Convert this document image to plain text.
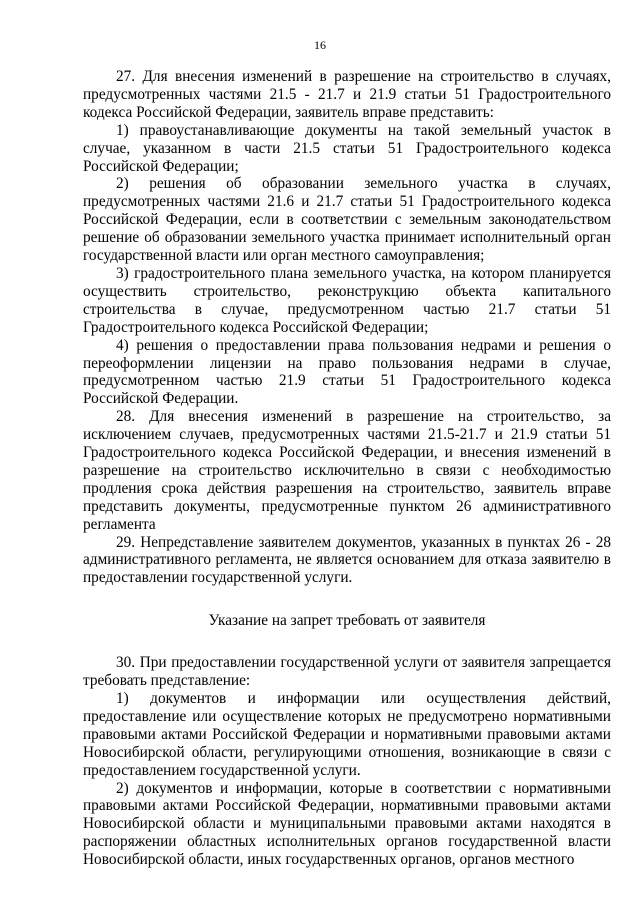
16

27. Для внесения изменений в разрешение на строительство в случаях, предусмотренных частями 21.5 - 21.7 и 21.9 статьи 51 Градостроительного кодекса Российской Федерации, заявитель вправе представить:

1) правоустанавливающие документы на такой земельный участок в случае, указанном в части 21.5 статьи 51 Градостроительного кодекса Российской Федерации;

2) решения об образовании земельного участка в случаях, предусмотренных частями 21.6 и 21.7 статьи 51 Градостроительного кодекса Российской Федерации, если в соответствии с земельным законодательством решение об образовании земельного участка принимает исполнительный орган государственной власти или орган местного самоуправления;

3) градостроительного плана земельного участка, на котором планируется осуществить строительство, реконструкцию объекта капитального строительства в случае, предусмотренном частью 21.7 статьи 51 Градостроительного кодекса Российской Федерации;

4) решения о предоставлении права пользования недрами и решения о переоформлении лицензии на право пользования недрами в случае, предусмотренном частью 21.9 статьи 51 Градостроительного кодекса Российской Федерации.

28. Для внесения изменений в разрешение на строительство, за исключением случаев, предусмотренных частями 21.5-21.7 и 21.9 статьи 51 Градостроительного кодекса Российской Федерации, и внесения изменений в разрешение на строительство исключительно в связи с необходимостью продления срока действия разрешения на строительство, заявитель вправе представить документы, предусмотренные пунктом 26 административного регламента

29. Непредставление заявителем документов, указанных в пунктах 26 - 28 административного регламента, не является основанием для отказа заявителю в предоставлении государственной услуги.

Указание на запрет требовать от заявителя

30. При предоставлении государственной услуги от заявителя запрещается требовать представление:

1) документов и информации или осуществления действий, предоставление или осуществление которых не предусмотрено нормативными правовыми актами Российской Федерации и нормативными правовыми актами Новосибирской области, регулирующими отношения, возникающие в связи с предоставлением государственной услуги.

2) документов и информации, которые в соответствии с нормативными правовыми актами Российской Федерации, нормативными правовыми актами Новосибирской области и муниципальными правовыми актами находятся в распоряжении областных исполнительных органов государственной власти Новосибирской области, иных государственных органов, органов местного
